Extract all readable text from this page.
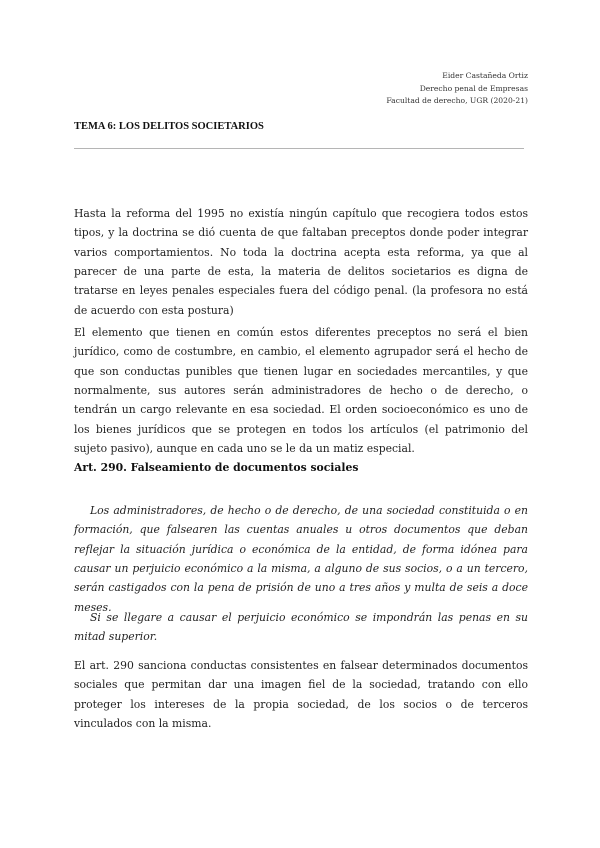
Eider Castañeda Ortiz
Derecho penal de Empresas
Facultad de derecho, UGR (2020-21)
TEMA 6: LOS DELITOS SOCIETARIOS

Hasta la reforma del 1995 no existía ningún capítulo que recogiera todos estos tipos, y la doctrina se dió cuenta de que faltaban preceptos donde poder integrar varios comportamientos. No toda la doctrina acepta esta reforma, ya que al parecer de una parte de esta, la materia de delitos societarios es digna de tratarse en leyes penales especiales fuera del código penal. (la profesora no está de acuerdo con esta postura)

El elemento que tienen en común estos diferentes preceptos no será el bien jurídico, como de costumbre, en cambio, el elemento agrupador será el hecho de que son conductas punibles que tienen lugar en sociedades mercantiles, y que normalmente, sus autores serán administradores de hecho o de derecho, o tendrán un cargo relevante en esa sociedad. El orden socioeconómico es uno de los bienes jurídicos que se protegen en todos los artículos (el patrimonio del sujeto pasivo), aunque en cada uno se le da un matiz especial.

Art. 290. Falseamiento de documentos sociales

Los administradores, de hecho o de derecho, de una sociedad constituida o en formación, que falsearen las cuentas anuales u otros documentos que deban reflejar la situación jurídica o económica de la entidad, de forma idónea para causar un perjuicio económico a la misma, a alguno de sus socios, o a un tercero, serán castigados con la pena de prisión de uno a tres años y multa de seis a doce meses.

Si se llegare a causar el perjuicio económico se impondrán las penas en su mitad superior.

El art. 290 sanciona conductas consistentes en falsear determinados documentos sociales que permitan dar una imagen fiel de la sociedad, tratando con ello proteger los intereses de la propia sociedad, de los socios o de terceros vinculados con la misma.
